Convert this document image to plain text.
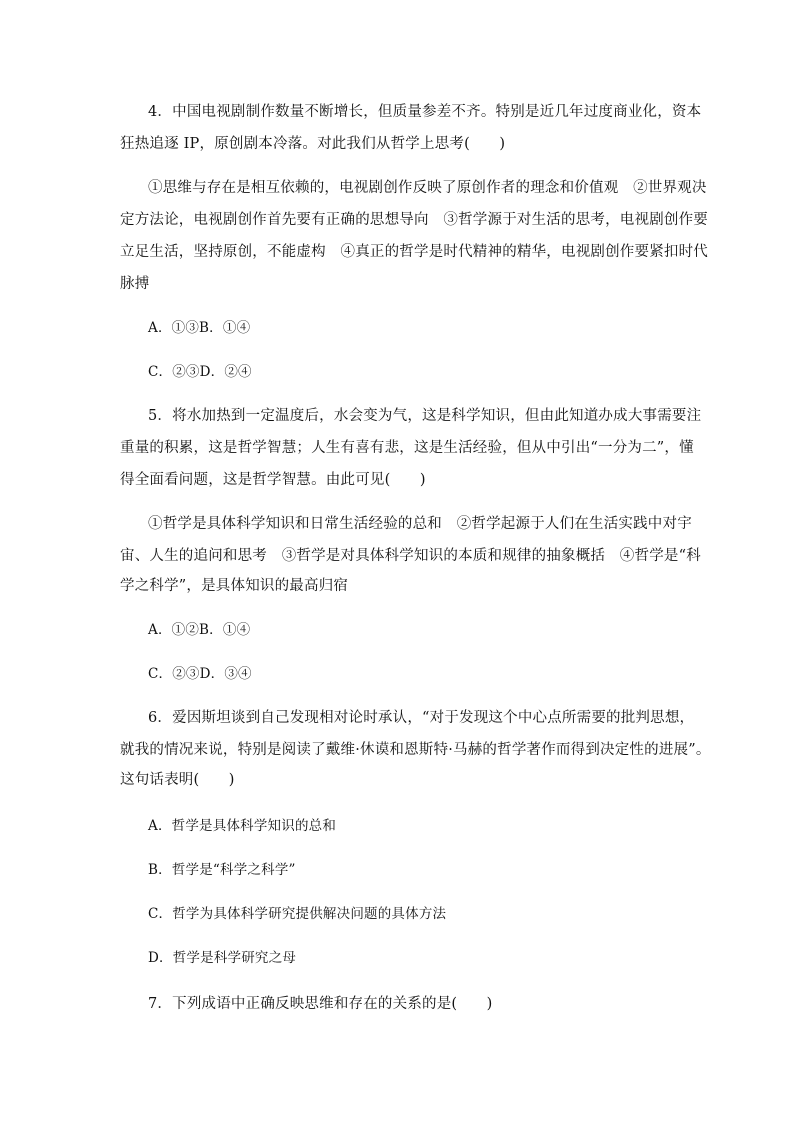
4．中国电视剧制作数量不断增长，但质量参差不齐。特别是近几年过度商业化，资本
狂热追逐 IP，原创剧本冷落。对此我们从哲学上思考(　　)
①思维与存在是相互依赖的，电视剧创作反映了原创作者的理念和价值观　②世界观决
定方法论，电视剧创作首先要有正确的思想导向　③哲学源于对生活的思考，电视剧创作要
立足生活，坚持原创，不能虚构　④真正的哲学是时代精神的精华，电视剧创作要紧扣时代
脉搏
A．①③B．①④
C．②③D．②④
5．将水加热到一定温度后，水会变为气，这是科学知识，但由此知道办成大事需要注
重量的积累，这是哲学智慧；人生有喜有悲，这是生活经验，但从中引出“一分为二”，懂
得全面看问题，这是哲学智慧。由此可见(　　)
①哲学是具体科学知识和日常生活经验的总和　②哲学起源于人们在生活实践中对宇
宙、人生的追问和思考　③哲学是对具体科学知识的本质和规律的抽象概括　④哲学是“科
学之科学”，是具体知识的最高归宿
A．①②B．①④
C．②③D．③④
6．爱因斯坦谈到自己发现相对论时承认，“对于发现这个中心点所需要的批判思想，
就我的情况来说，特别是阅读了戴维·休谟和恩斯特·马赫的哲学著作而得到决定性的进展”。
这句话表明(　　)
A．哲学是具体科学知识的总和
B．哲学是“科学之科学”
C．哲学为具体科学研究提供解决问题的具体方法
D．哲学是科学研究之母
7．下列成语中正确反映思维和存在的关系的是(　　)
